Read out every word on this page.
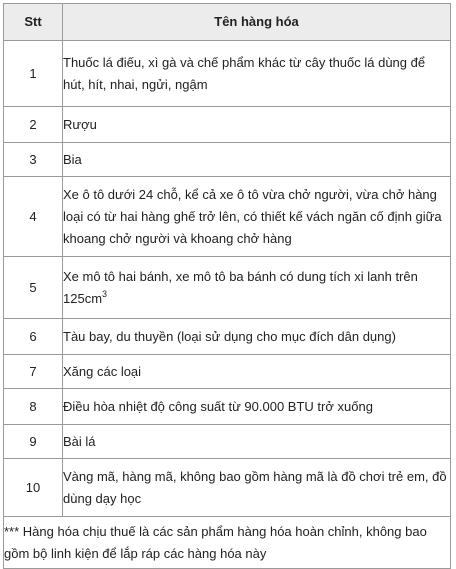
Stt	Tên hàng hóa
1	Thuốc lá điếu, xì gà và chế phẩm khác từ cây thuốc lá dùng để hút, hít, nhai, ngửi, ngậm
2	Rượu
3	Bia
4	Xe ô tô dưới 24 chỗ, kể cả xe ô tô vừa chở người, vừa chở hàng loại có từ hai hàng ghế trở lên, có thiết kế vách ngăn cố định giữa khoang chở người và khoang chở hàng
5	Xe mô tô hai bánh, xe mô tô ba bánh có dung tích xi lanh trên $125cm^3$
6	Tàu bay, du thuyền (loại sử dụng cho mục đích dân dụng)
7	Xăng các loại
8	Điều hòa nhiệt độ công suất từ 90.000 BTU trở xuống
9	Bài lá
10	Vàng mã, hàng mã, không bao gồm hàng mã là đồ chơi trẻ em, đồ dùng dạy học
*** Hàng hóa chịu thuế là các sản phẩm hàng hóa hoàn chỉnh, không bao gồm bộ linh kiện để lắp ráp các hàng hóa này	
